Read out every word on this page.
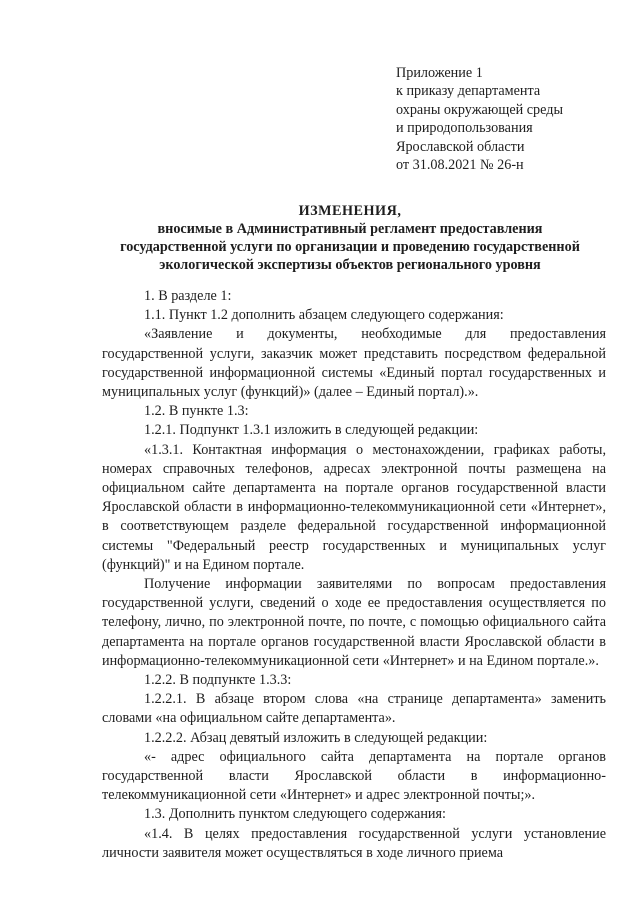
Приложение 1
к приказу департамента
охраны окружающей среды
и природопользования
Ярославской области
от 31.08.2021 № 26-н
ИЗМЕНЕНИЯ,
вносимые в Административный регламент предоставления
государственной услуги по организации и проведению государственной
экологической экспертизы объектов регионального уровня

1. В разделе 1:

1.1. Пункт 1.2 дополнить абзацем следующего содержания:

«Заявление и документы, необходимые для предоставления государственной услуги, заказчик может представить посредством федеральной государственной информационной системы «Единый портал государственных и муниципальных услуг (функций)» (далее – Единый портал).».

1.2. В пункте 1.3:

1.2.1. Подпункт 1.3.1 изложить в следующей редакции:

«1.3.1. Контактная информация о местонахождении, графиках работы, номерах справочных телефонов, адресах электронной почты размещена на официальном сайте департамента на портале органов государственной власти Ярославской области в информационно-телекоммуникационной сети «Интернет», в соответствующем разделе федеральной государственной информационной системы "Федеральный реестр государственных и муниципальных услуг (функций)" и на Едином портале.

Получение информации заявителями по вопросам предоставления государственной услуги, сведений о ходе ее предоставления осуществляется по телефону, лично, по электронной почте, по почте, с помощью официального сайта департамента на портале органов государственной власти Ярославской области в информационно-телекоммуникационной сети «Интернет» и на Едином портале.».

1.2.2. В подпункте 1.3.3:

1.2.2.1. В абзаце втором слова «на странице департамента» заменить словами «на официальном сайте департамента».

1.2.2.2. Абзац девятый изложить в следующей редакции:

«- адрес официального сайта департамента на портале органов государственной власти Ярославской области в информационно-телекоммуникационной сети «Интернет» и адрес электронной почты;».

1.3. Дополнить пунктом следующего содержания:

«1.4. В целях предоставления государственной услуги установление личности заявителя может осуществляться в ходе личного приема
